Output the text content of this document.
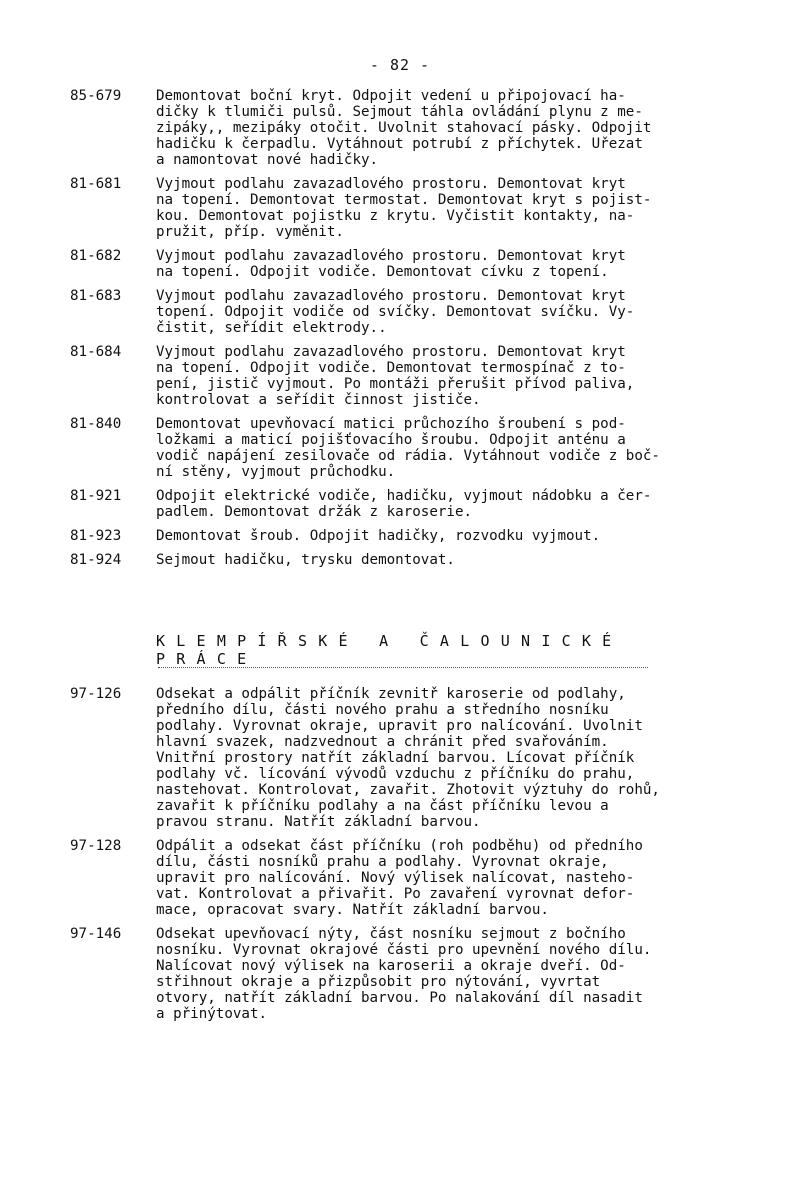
- 82 -
85-679 Demontovat boční kryt. Odpojit vedení u připojovací ha-
dičky k tlumiči pulsů. Sejmout táhla ovládání plynu z me-
zipáky,, mezipáky otočit. Uvolnit stahovací pásky. Odpojit
hadičku k čerpadlu. Vytáhnout potrubí z příchytek. Uřezat
a namontovat nové hadičky.
81-681 Vyjmout podlahu zavazadlového prostoru. Demontovat kryt
na topení. Demontovat termostat. Demontovat kryt s pojist-
kou. Demontovat pojistku z krytu. Vyčistit kontakty, na-
pružit, příp. vyměnit.
81-682 Vyjmout podlahu zavazadlového prostoru. Demontovat kryt
na topení. Odpojit vodiče. Demontovat cívku z topení.
81-683 Vyjmout podlahu zavazadlového prostoru. Demontovat kryt
topení. Odpojit vodiče od svíčky. Demontovat svíčku. Vy-
čistit, seřídit elektrody..
81-684 Vyjmout podlahu zavazadlového prostoru. Demontovat kryt
na topení. Odpojit vodiče. Demontovat termospínač z to-
pení, jistič vyjmout. Po montáži přerušit přívod paliva,
kontrolovat a seřídit činnost jističe.
81-840 Demontovat upevňovací matici průchozího šroubení s pod-
ložkami a maticí pojišťovacího šroubu. Odpojit anténu a
vodič napájení zesilovače od rádia. Vytáhnout vodiče z boč-
ní stěny, vyjmout průchodku.
81-921 Odpojit elektrické vodiče, hadičku, vyjmout nádobku a čer-
padlem. Demontovat držák z karoserie.
81-923 Demontovat šroub. Odpojit hadičky, rozvodku vyjmout.
81-924 Sejmout hadičku, trysku demontovat.
KLEMPÍŘSKÉ A ČALOUNICKÉ
PRÁCE
97-126 Odsekat a odpálit příčník zevnitř karoserie od podlahy,
předního dílu, části nového prahu a středního nosníku
podlahy. Vyrovnat okraje, upravit pro nalícování. Uvolnit
hlavní svazek, nadzvednout a chránit před svařováním.
Vnitřní prostory natřít základní barvou. Lícovat příčník
podlahy vč. lícování vývodů vzduchu z příčníku do prahu,
nastehovat. Kontrolovat, zavařit. Zhotovit výztuhy do rohů,
zavařit k příčníku podlahy a na část příčníku levou a
pravou stranu. Natřít základní barvou.
97-128 Odpálit a odsekat část příčníku (roh podběhu) od předního
dílu, části nosníků prahu a podlahy. Vyrovnat okraje,
upravit pro nalícování. Nový výlisek nalícovat, nasteho-
vat. Kontrolovat a přivařit. Po zavaření vyrovnat defor-
mace, opracovat svary. Natřít základní barvou.
97-146 Odsekat upevňovací nýty, část nosníku sejmout z bočního
nosníku. Vyrovnat okrajové části pro upevnění nového dílu.
Nalícovat nový výlisek na karoserii a okraje dveří. Od-
střihnout okraje a přizpůsobit pro nýtování, vyvrtat
otvory, natřít základní barvou. Po nalakování díl nasadit
a přinýtovat.
